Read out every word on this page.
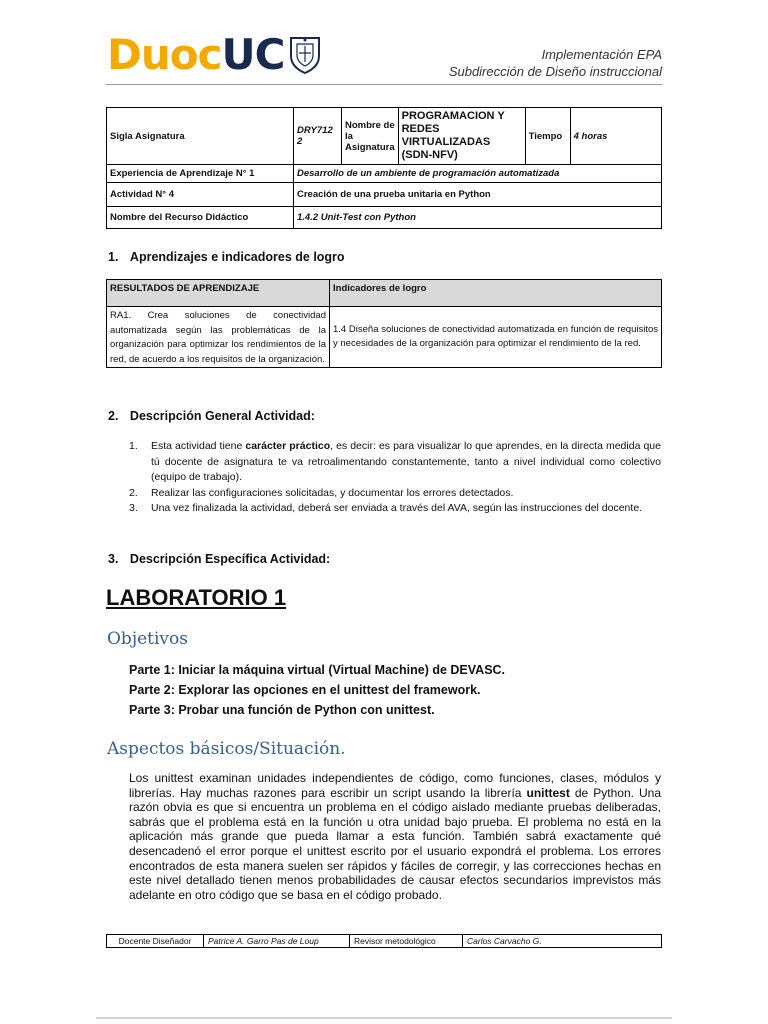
Duoc UC	Implementación EPA
Subdirección de Diseño instruccional
Sigla Asignatura	DRY712 2	Nombre de la Asignatura	PROGRAMACION Y REDES VIRTUALIZADAS (SDN-NFV)	Tiempo	4 horas
Experiencia de Aprendizaje N° 1	Desarrollo de un ambiente de programación automatizada				
Actividad N° 4	Creación de una prueba unitaria en Python				
Nombre del Recurso Didáctico	1.4.2 Unit-Test con Python				
1. Aprendizajes e indicadores de logro
RESULTADOS DE APRENDIZAJE	Indicadores de logro
RA1. Crea soluciones de conectividad automatizada según las problemáticas de la organización para optimizar los rendimientos de la red, de acuerdo a los requisitos de la organización.	1.4 Diseña soluciones de conectividad automatizada en función de requisitos y necesidades de la organización para optimizar el rendimiento de la red.
2. Descripción General Actividad:
1. Esta actividad tiene carácter práctico, es decir: es para visualizar lo que aprendes, en la directa medida que tú docente de asignatura te va retroalimentando constantemente, tanto a nivel individual como colectivo (equipo de trabajo).
2. Realizar las configuraciones solicitadas, y documentar los errores detectados.
3. Una vez finalizada la actividad, deberá ser enviada a través del AVA, según las instrucciones del docente.
3. Descripción Específica Actividad:
LABORATORIO 1
Objetivos
Parte 1: Iniciar la máquina virtual (Virtual Machine) de DEVASC.
Parte 2: Explorar las opciones en el unittest del framework.
Parte 3: Probar una función de Python con unittest.
Aspectos básicos/Situación.
Los unittest examinan unidades independientes de código, como funciones, clases, módulos y librerías. Hay muchas razones para escribir un script usando la librería unittest de Python. Una razón obvia es que si encuentra un problema en el código aislado mediante pruebas deliberadas, sabrás que el problema está en la función u otra unidad bajo prueba. El problema no está en la aplicación más grande que pueda llamar a esta función. También sabrá exactamente qué desencadenó el error porque el unittest escrito por el usuario expondrá el problema. Los errores encontrados de esta manera suelen ser rápidos y fáciles de corregir, y las correcciones hechas en este nivel detallado tienen menos probabilidades de causar efectos secundarios imprevistos más adelante en otro código que se basa en el código probado.
Docente Diseñador	Patrice A. Garro Pas de Loup	Revisor metodológico	Carlos Carvacho G.
